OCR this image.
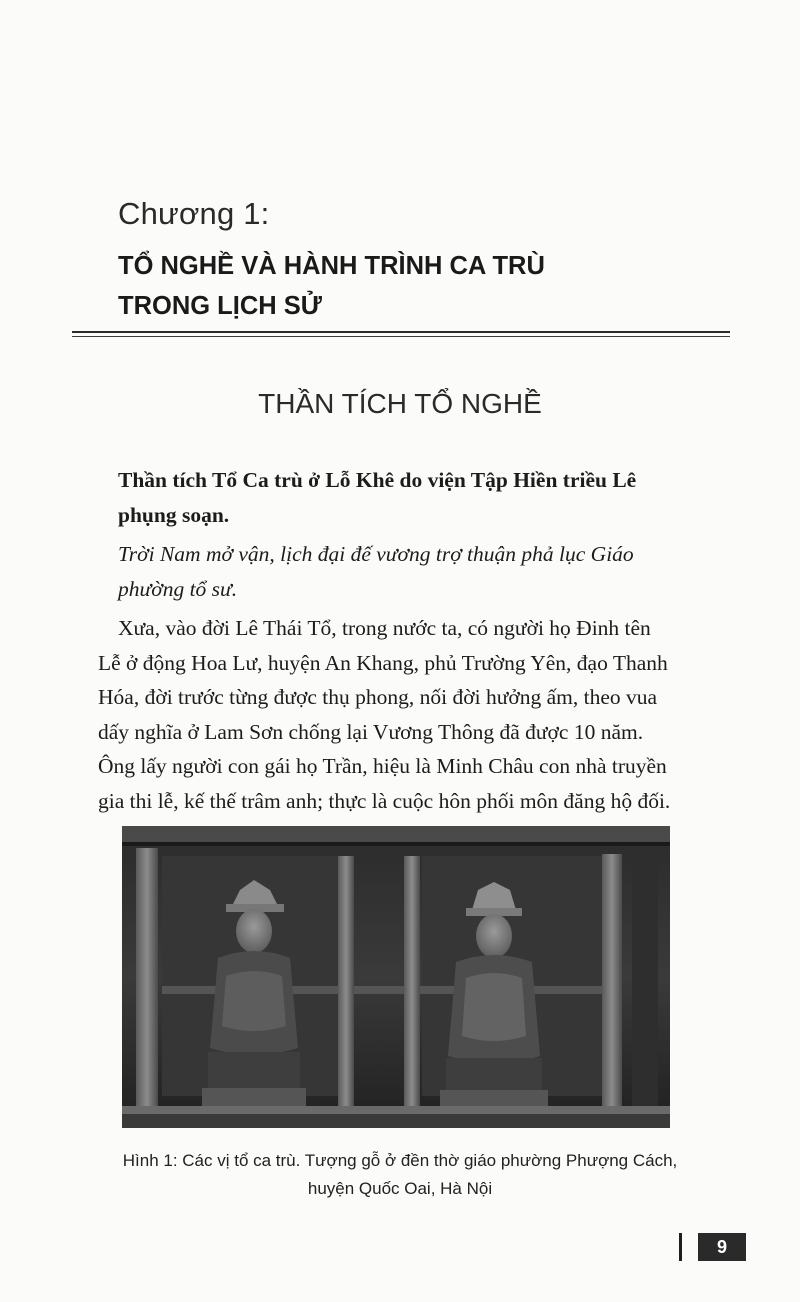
Chương 1:
TỔ NGHỀ VÀ HÀNH TRÌNH CA TRÙ
TRONG LỊCH SỬ
THẦN TÍCH TỔ NGHỀ

Thần tích Tổ Ca trù ở Lỗ Khê do viện Tập Hiền triều Lê
phụng soạn.

Trời Nam mở vận, lịch đại đế vương trợ thuận phả lục Giáo
phường tổ sư.

Xưa, vào đời Lê Thái Tổ, trong nước ta, có người họ Đinh tên
Lễ ở động Hoa Lư, huyện An Khang, phủ Trường Yên, đạo Thanh
Hóa, đời trước từng được thụ phong, nối đời hưởng ấm, theo vua
dấy nghĩa ở Lam Sơn chống lại Vương Thông đã được 10 năm.
Ông lấy người con gái họ Trần, hiệu là Minh Châu con nhà truyền
gia thi lễ, kế thế trâm anh; thực là cuộc hôn phối môn đăng hộ đối.

Hình 1: Các vị tổ ca trù. Tượng gỗ ở đền thờ giáo phường Phượng Cách,
huyện Quốc Oai, Hà Nội

9
